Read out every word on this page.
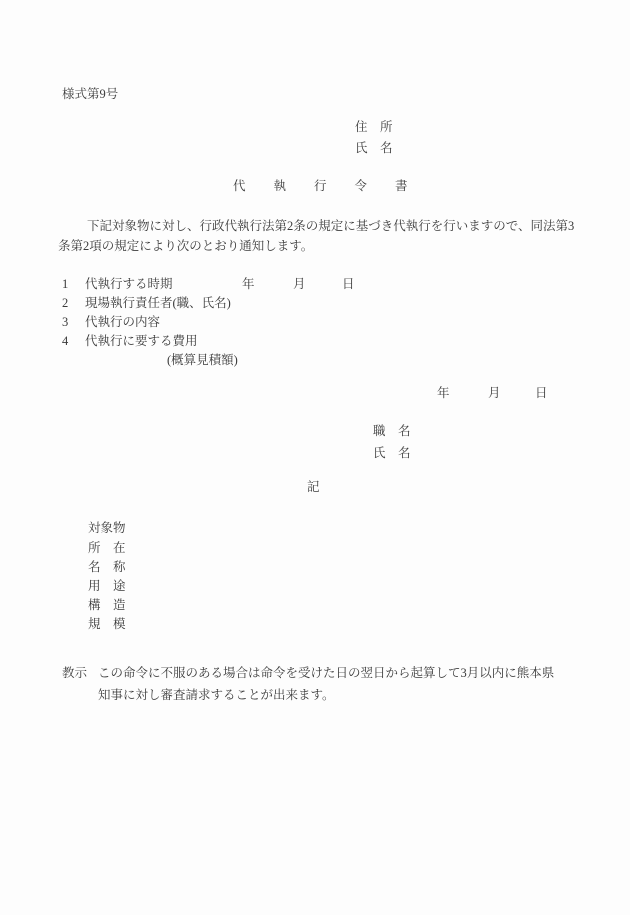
様式第9号
住　所
氏　名
代　　執　　行　　令　　書
下記対象物に対し、行政代執行法第2条の規定に基づき代執行を行いますので、同法第3
条第2項の規定により次のとおり通知します。
1 代執行する時期	年	月	日
2 現場執行責任者(職、氏名)
3 代執行の内容
4 代執行に要する費用
(概算見積額)
年	月	日
職　名
氏　名
記
対象物
所　在
名　称
用　途
構　造
規　模
教示 この命令に不服のある場合は命令を受けた日の翌日から起算して3月以内に熊本県
知事に対し審査請求することが出来ます。
